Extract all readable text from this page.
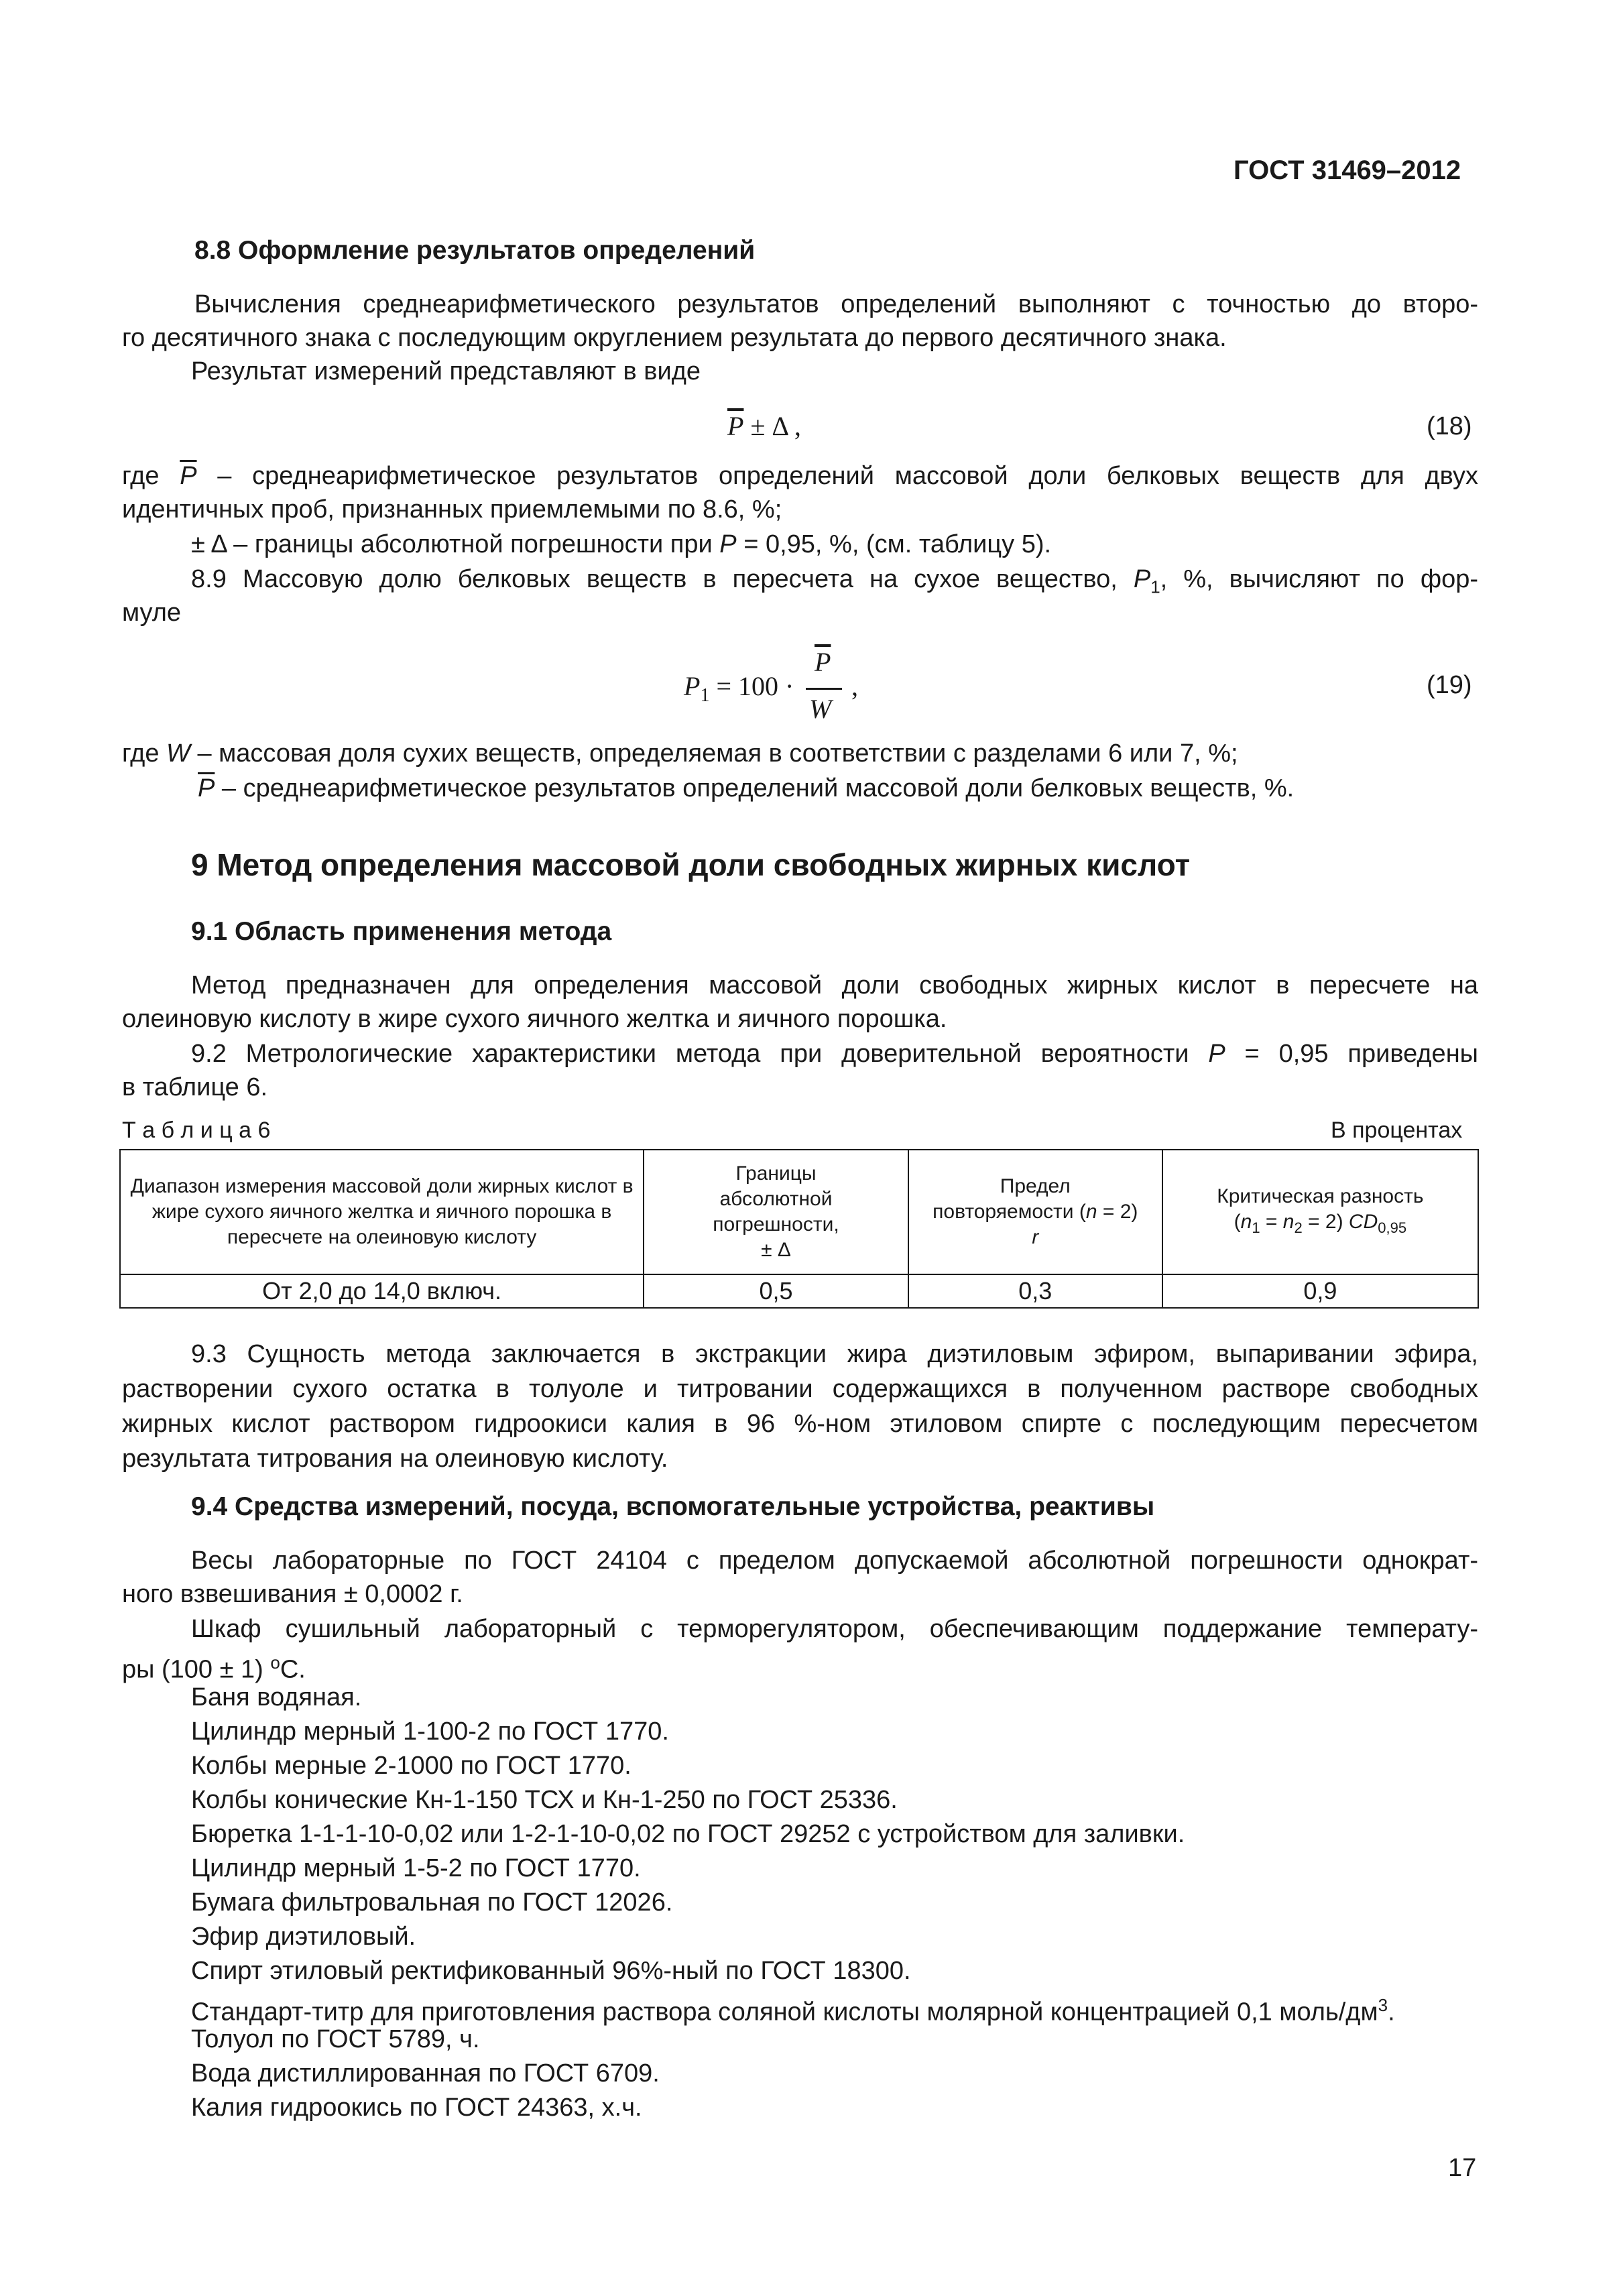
ГОСТ 31469–2012
8.8 Оформление результатов определений
Вычисления среднеарифметического результатов определений выполняют с точностью до второ-
го десятичного знака с последующим округлением результата до первого десятичного знака.
Результат измерений представляют в виде
$\overline{P} \pm \Delta$ ,	(18)
где $\overline{P}$ – среднеарифметическое результатов определений массовой доли белковых веществ для двух
идентичных проб, признанных приемлемыми по 8.6, %;
± Δ – границы абсолютной погрешности при P = 0,95, %, (см. таблицу 5).
8.9 Массовую долю белковых веществ в пересчета на сухое вещество, $P_1$, %, вычисляют по фор-
муле
$P_1 = 100$ ·
$\overline{P}$
W
,	(19)
где W – массовая доля сухих веществ, определяемая в соответствии с разделами 6 или 7, %;
$\overline{P}$ – среднеарифметическое результатов определений массовой доли белковых веществ, %.
9 Метод определения массовой доли свободных жирных кислот
9.1 Область применения метода
Метод предназначен для определения массовой доли свободных жирных кислот в пересчете на
олеиновую кислоту в жире сухого яичного желтка и яичного порошка.
9.2 Метрологические характеристики метода при доверительной вероятности P = 0,95 приведены
в таблице 6.
Т а б л и ц а 6	В процентах
Диапазон измерения массовой доли жирных кислот в жире сухого яичного желтка и яичного порошка в пересчете на олеиновую кислоту	Границы
абсолютной
погрешности,
± Δ	Предел
повторяемости (n = 2)
r	Критическая разность
$(n_1 = n_2 = 2)$ $CD_{0,95}$
От 2,0 до 14,0 включ.	0,5	0,3	0,9
9.3 Сущность метода заключается в экстракции жира диэтиловым эфиром, выпаривании эфира,
растворении сухого остатка в толуоле и титровании содержащихся в полученном растворе свободных
жирных кислот раствором гидроокиси калия в 96 %-ном этиловом спирте с последующим пересчетом
результата титрования на олеиновую кислоту.
9.4 Средства измерений, посуда, вспомогательные устройства, реактивы
Весы лабораторные по ГОСТ 24104 с пределом допускаемой абсолютной погрешности однократ-
ного взвешивания ± 0,0002 г.
Шкаф сушильный лабораторный с терморегулятором, обеспечивающим поддержание температу-
ры (100 ± 1) $^о$С.
Баня водяная.
Цилиндр мерный 1-100-2 по ГОСТ 1770.
Колбы мерные 2-1000 по ГОСТ 1770.
Колбы конические Кн-1-150 ТСХ и Кн-1-250 по ГОСТ 25336.
Бюретка 1-1-1-10-0,02 или 1-2-1-10-0,02 по ГОСТ 29252 с устройством для заливки.
Цилиндр мерный 1-5-2 по ГОСТ 1770.
Бумага фильтровальная по ГОСТ 12026.
Эфир диэтиловый.
Спирт этиловый ректификованный 96%-ный по ГОСТ 18300.
Стандарт-титр для приготовления раствора соляной кислоты молярной концентрацией 0,1 моль/$дм^3$.
Толуол по ГОСТ 5789, ч.
Вода дистиллированная по ГОСТ 6709.
Калия гидроокись по ГОСТ 24363, х.ч.
17
